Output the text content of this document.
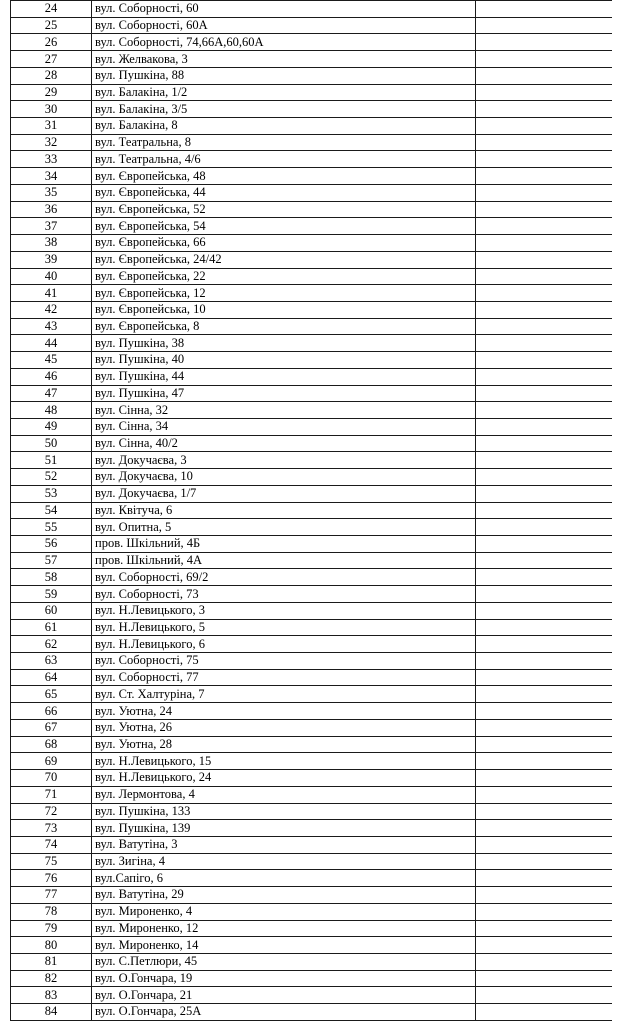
24	вул. Соборності, 60	
25	вул. Соборності, 60А	
26	вул. Соборності, 74,66А,60,60А	
27	вул. Желвакова, 3	
28	вул. Пушкіна, 88	
29	вул. Балакіна, 1/2	
30	вул. Балакіна, 3/5	
31	вул. Балакіна, 8	
32	вул. Театральна, 8	
33	вул. Театральна, 4/6	
34	вул. Європейська, 48	
35	вул. Європейська, 44	
36	вул. Європейська, 52	
37	вул. Європейська, 54	
38	вул. Європейська, 66	
39	вул. Європейська, 24/42	
40	вул. Європейська, 22	
41	вул. Європейська, 12	
42	вул. Європейська, 10	
43	вул. Європейська, 8	
44	вул. Пушкіна, 38	
45	вул. Пушкіна, 40	
46	вул. Пушкіна, 44	
47	вул. Пушкіна, 47	
48	вул. Сінна, 32	
49	вул. Сінна, 34	
50	вул. Сінна, 40/2	
51	вул. Докучаєва, 3	
52	вул. Докучаєва, 10	
53	вул. Докучаєва, 1/7	
54	вул. Квітуча, 6	
55	вул. Опитна, 5	
56	пров. Шкільний, 4Б	
57	пров. Шкільний, 4А	
58	вул. Соборності, 69/2	
59	вул. Соборності, 73	
60	вул. Н.Левицького, 3	
61	вул. Н.Левицького, 5	
62	вул. Н.Левицького, 6	
63	вул. Соборності, 75	
64	вул. Соборності, 77	
65	вул. Ст. Халтуріна, 7	
66	вул. Уютна, 24	
67	вул. Уютна, 26	
68	вул. Уютна, 28	
69	вул. Н.Левицького, 15	
70	вул. Н.Левицького, 24	
71	вул. Лермонтова, 4	
72	вул. Пушкіна, 133	
73	вул. Пушкіна, 139	
74	вул. Ватутіна, 3	
75	вул. Зигіна, 4	
76	вул.Сапіго, 6	
77	вул. Ватутіна, 29	
78	вул. Мироненко, 4	
79	вул. Мироненко, 12	
80	вул. Мироненко, 14	
81	вул. С.Петлюри, 45	
82	вул. О.Гончара, 19	
83	вул. О.Гончара, 21	
84	вул. О.Гончара, 25А	
